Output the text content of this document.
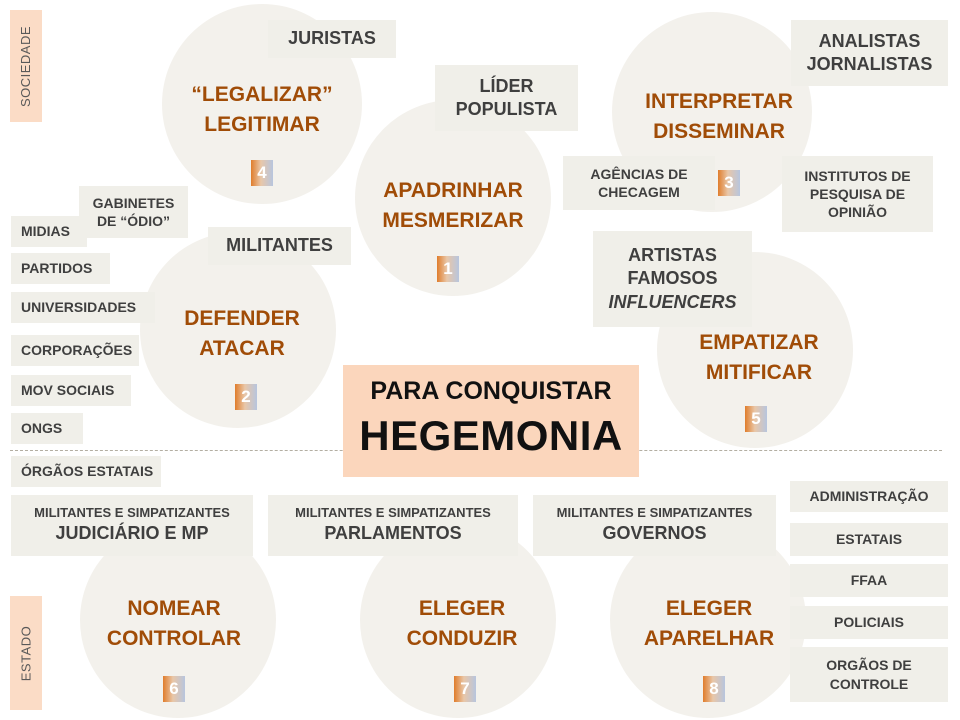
SOCIEDADE
ESTADO
“LEGALIZAR”
LEGITIMAR
APADRINHAR
MESMERIZAR
INTERPRETAR
DISSEMINAR
DEFENDER
ATACAR	EMPATIZAR
MITIFICAR
NOMEAR
CONTROLAR
ELEGER
CONDUZIR
ELEGER
APARELHAR
4
1
3
2
5
6	7	8
JURISTAS
LÍDER
POPULISTA
ANALISTAS
JORNALISTAS
AGÊNCIAS DE
CHECAGEM
INSTITUTOS DE
PESQUISA DE
OPINIÃO
GABINETES
DE “ÓDIO”
MILITANTES	ARTISTAS
FAMOSOS
INFLUENCERS
MIDIAS
PARTIDOS
UNIVERSIDADES
CORPORAÇÕES
MOV SOCIAIS
ONGS
ÓRGÃOS ESTATAIS
PARA CONQUISTAR
HEGEMONIA
MILITANTES E SIMPATIZANTES
JUDICIÁRIO E MP
MILITANTES E SIMPATIZANTES
PARLAMENTOS
MILITANTES E SIMPATIZANTES
GOVERNOS
ADMINISTRAÇÃO
ESTATAIS
FFAA
POLICIAIS
ORGÃOS DE
CONTROLE
